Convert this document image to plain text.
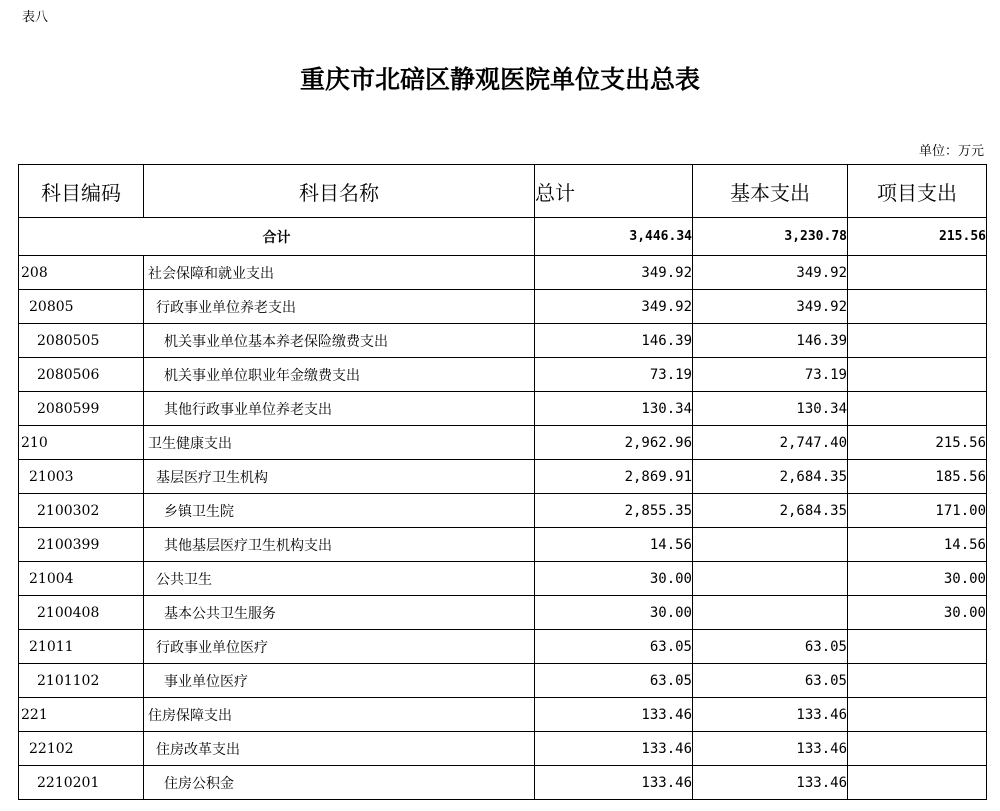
表八
重庆市北碚区静观医院单位支出总表
单位：万元
科目编码	科目名称	总计	基本支出	项目支出
合计		3,446.34	3,230.78	215.56
208	社会保障和就业支出	349.92	349.92	
20805	行政事业单位养老支出	349.92	349.92	
2080505	机关事业单位基本养老保险缴费支出	146.39	146.39	
2080506	机关事业单位职业年金缴费支出	73.19	73.19	
2080599	其他行政事业单位养老支出	130.34	130.34	
210	卫生健康支出	2,962.96	2,747.40	215.56
21003	基层医疗卫生机构	2,869.91	2,684.35	185.56
2100302	乡镇卫生院	2,855.35	2,684.35	171.00
2100399	其他基层医疗卫生机构支出	14.56		14.56
21004	公共卫生	30.00		30.00
2100408	基本公共卫生服务	30.00		30.00
21011	行政事业单位医疗	63.05	63.05	
2101102	事业单位医疗	63.05	63.05	
221	住房保障支出	133.46	133.46	
22102	住房改革支出	133.46	133.46	
2210201	住房公积金	133.46	133.46	
